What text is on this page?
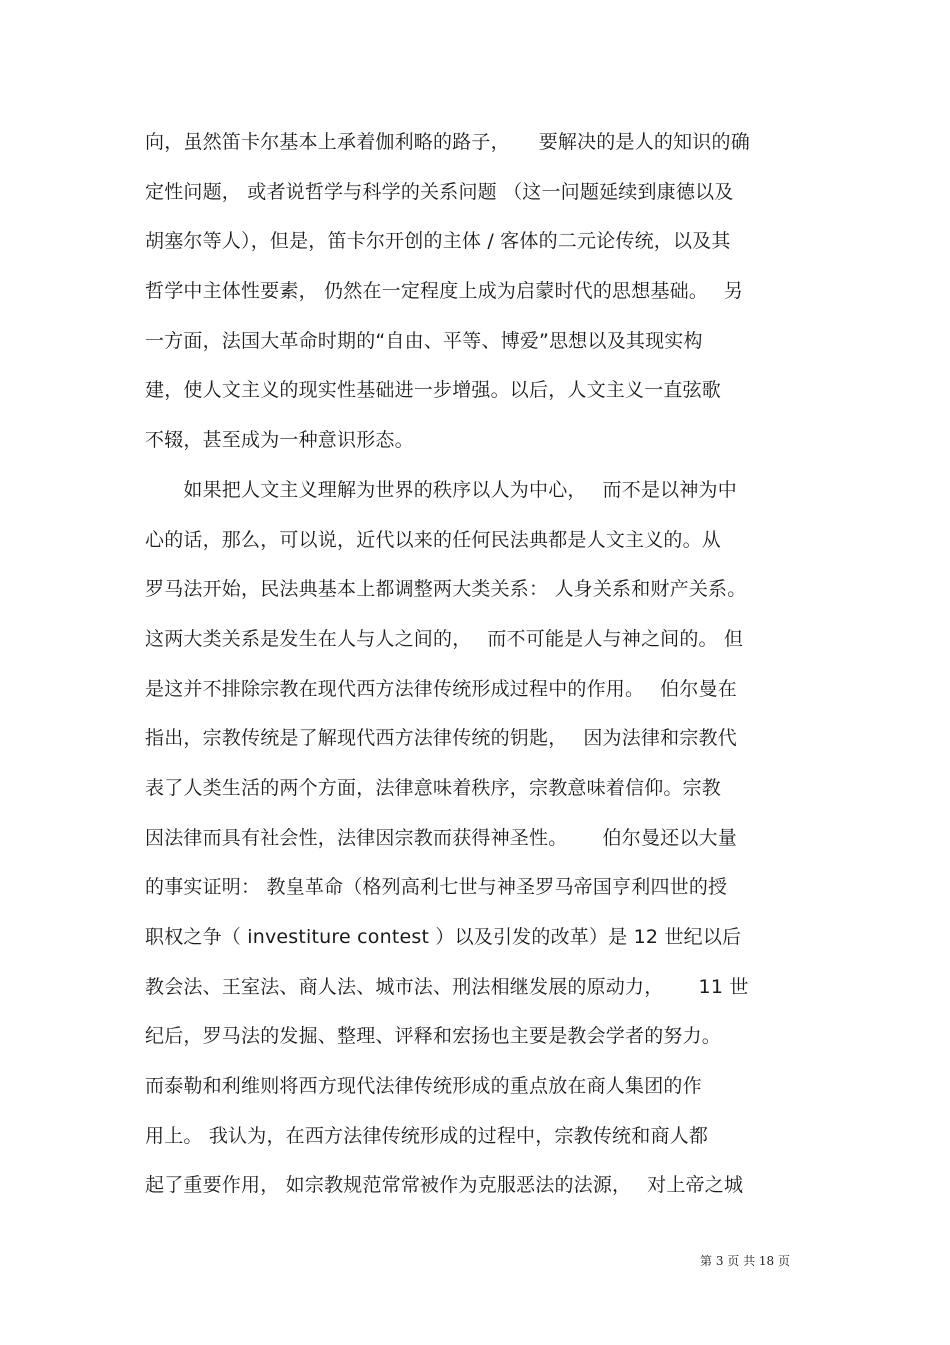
向，虽然笛卡尔基本上承着伽利略的路子，　　要解决的是人的知识的确
定性问题， 或者说哲学与科学的关系问题 （这一问题延续到康德以及
胡塞尔等人），但是，笛卡尔开创的主体 / 客体的二元论传统，以及其
哲学中主体性要素， 仍然在一定程度上成为启蒙时代的思想基础。　 另
一方面，法国大革命时期的“自由、平等、博爱”思想以及其现实构
建，使人文主义的现实性基础进一步增强。以后，人文主义一直弦歌
不辍，甚至成为一种意识形态。
　　如果把人文主义理解为世界的秩序以人为中心，　 而不是以神为中
心的话，那么，可以说，近代以来的任何民法典都是人文主义的。从
罗马法开始，民法典基本上都调整两大类关系： 人身关系和财产关系。
这两大类关系是发生在人与人之间的，　 而不可能是人与神之间的。 但
是这并不排除宗教在现代西方法律传统形成过程中的作用。　 伯尔曼在
指出，宗教传统是了解现代西方法律传统的钥匙，　 因为法律和宗教代
表了人类生活的两个方面，法律意味着秩序，宗教意味着信仰。宗教
因法律而具有社会性，法律因宗教而获得神圣性。　　 伯尔曼还以大量
的事实证明： 教皇革命（格列高利七世与神圣罗马帝国亨利四世的授
职权之争（ investiture contest ）以及引发的改革）是 12 世纪以后
教会法、王室法、商人法、城市法、刑法相继发展的原动力，　　 11 世
纪后，罗马法的发掘、整理、评释和宏扬也主要是教会学者的努力。
而泰勒和利维则将西方现代法律传统形成的重点放在商人集团的作
用上。 我认为，在西方法律传统形成的过程中，宗教传统和商人都
起了重要作用， 如宗教规范常常被作为克服恶法的法源，　 对上帝之城
第 3 页 共 18 页
